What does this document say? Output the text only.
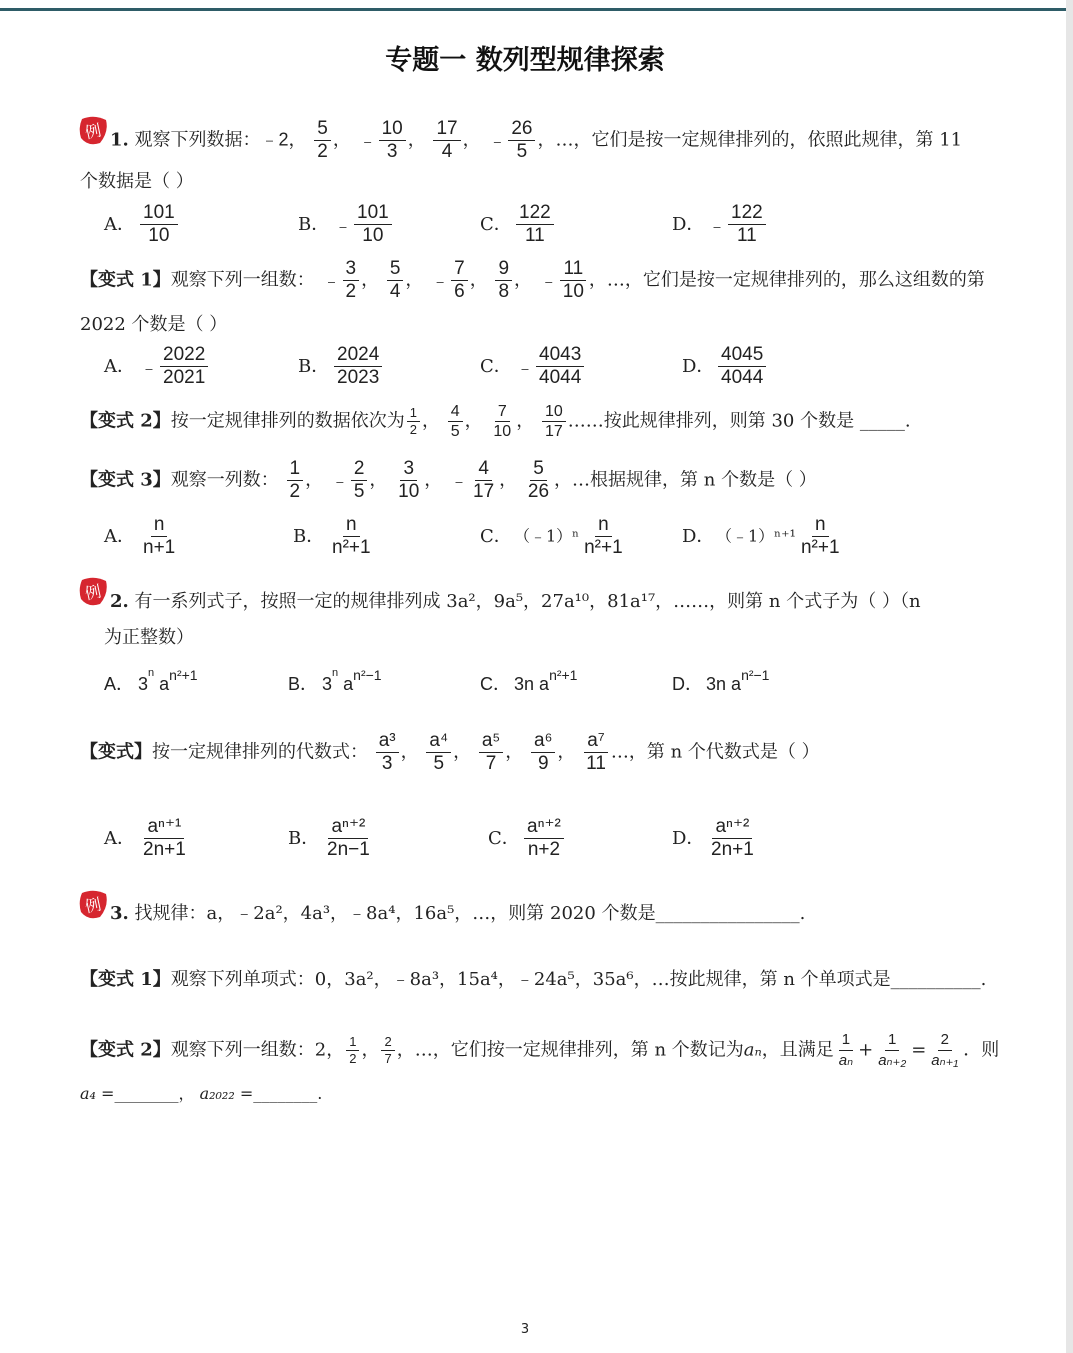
专题一 数列型规律探索
例
例
例
1. 观察下列数据：﹣2， $\frac{5}{2}$ ， ﹣ $\frac{10}{3}$ ， $\frac{17}{4}$ ， ﹣ $\frac{26}{5}$ ，…，它们是按一定规律排列的，依照此规律，第 11
个数据是（ ）
A． $\frac{101}{10}$	B． ﹣ $\frac{101}{10}$	C． $\frac{122}{11}$	D． ﹣ $\frac{122}{11}$
【变式 1】观察下列一组数： ﹣ $\frac{3}{2}$ ， $\frac{5}{4}$ ， ﹣ $\frac{7}{6}$ ， $\frac{9}{8}$ ， ﹣ $\frac{11}{10}$ ，…，它们是按一定规律排列的，那么这组数的第
2022 个数是（ ）
A． ﹣ $\frac{2022}{2021}$	B． $\frac{2024}{2023}$	C． ﹣ $\frac{4043}{4044}$	D． $\frac{4045}{4044}$
【变式 2】按一定规律排列的数据依次为 $\frac{1}{2}$ ， $\frac{4}{5}$ ， $\frac{7}{10}$ ， $\frac{10}{17}$ ……按此规律排列，则第 30 个数是 _____.
【变式 3】观察一列数： $\frac{1}{2}$ ， ﹣ $\frac{2}{5}$ ， $\frac{3}{10}$ ， ﹣ $\frac{4}{17}$ ， $\frac{5}{26}$ ，…根据规律，第 n 个数是（ ）
A． $\frac{n}{n+1}$	B． $\frac{n}{\text{n²+1}}$	C． （﹣1）ⁿ $\frac{n}{\text{n²+1}}$	D．（﹣1）ⁿ⁺¹ $\frac{n}{\text{n²+1}}$
2. 有一系列式子，按照一定的规律排列成 3a²，9a⁵，27a¹⁰，81a¹⁷，……，则第 n 个式子为（ ）（n
为正整数）
A． 3$^n$ $a^{n^2+1}$	B． 3$^n$ $a^{n^2-1}$	C． 3n $a^{n^2+1}$	D． 3n $a^{n^2-1}$
【变式】按一定规律排列的代数式： $\frac{\text{a³}}{3}$ ， $\frac{\text{a⁴}}{5}$ ， $\frac{\text{a⁵}}{7}$ ， $\frac{\text{a⁶}}{9}$ ， $\frac{\text{a⁷}}{11}$ …，第 n 个代数式是（ ）
A． $\frac{\text{aⁿ⁺¹}}{2n+1}$	B． $\frac{\text{aⁿ⁺²}}{2n-1}$	C． $\frac{\text{aⁿ⁺²}}{n+2}$	D． $\frac{\text{aⁿ⁺²}}{2n+1}$
3. 找规律：a，﹣2a²，4a³，﹣8a⁴，16a⁵，…，则第 2020 个数是________________.
【变式 1】观察下列单项式：0，3a²，﹣8a³，15a⁴，﹣24a⁵，35a⁶，…按此规律，第 n 个单项式是__________.
【变式 2】观察下列一组数：2， $\frac{1}{2}$ ， $\frac{2}{7}$ ，…，它们按一定规律排列，第 n 个数记为aₙ，且满足 $\frac{1}{\text{aₙ}} + \frac{1}{\text{aₙ₊₂}} = \frac{2}{\text{aₙ₊₁}}$ ．则
a₄ =________， a₂₀₂₂ =________.
3
